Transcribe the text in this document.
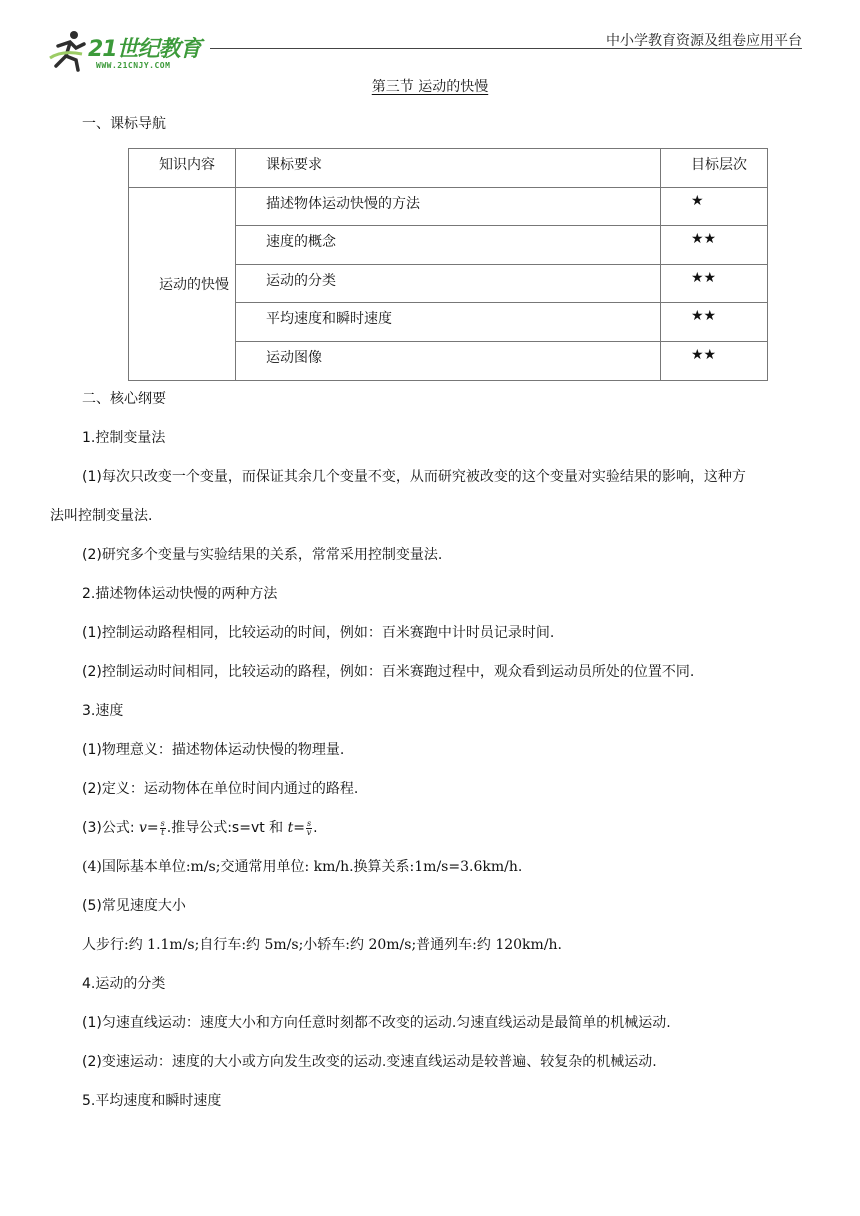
21世纪教育
WWW.21CNJY.COM
中小学教育资源及组卷应用平台
第三节 运动的快慢
一、课标导航
知识内容	课标要求	目标层次
运动的快慢	描述物体运动快慢的方法	★
	速度的概念	★★
	运动的分类	★★
	平均速度和瞬时速度	★★
	运动图像	★★
二、核心纲要
1.控制变量法
(1)每次只改变一个变量，而保证其余几个变量不变，从而研究被改变的这个变量对实验结果的影响，这种方
法叫控制变量法.
(2)研究多个变量与实验结果的关系，常常采用控制变量法.
2.描述物体运动快慢的两种方法
(1)控制运动路程相同，比较运动的时间，例如：百米赛跑中计时员记录时间.
(2)控制运动时间相同，比较运动的路程，例如：百米赛跑过程中，观众看到运动员所处的位置不同.
3.速度
(1)物理意义：描述物体运动快慢的物理量.
(2)定义：运动物体在单位时间内通过的路程.
(3)公式: $v= \frac{s}{t}$ .推导公式:s=vt 和 $t= \frac{s}{v}$ .
(4)国际基本单位:m/s;交通常用单位: km/h.换算关系:1m/s=3.6km/h.
(5)常见速度大小
人步行:约 1.1m/s;自行车:约 5m/s;小轿车:约 20m/s;普通列车:约 120km/h.
4.运动的分类
(1)匀速直线运动：速度大小和方向任意时刻都不改变的运动.匀速直线运动是最简单的机械运动.
(2)变速运动：速度的大小或方向发生改变的运动.变速直线运动是较普遍、较复杂的机械运动.
5.平均速度和瞬时速度
